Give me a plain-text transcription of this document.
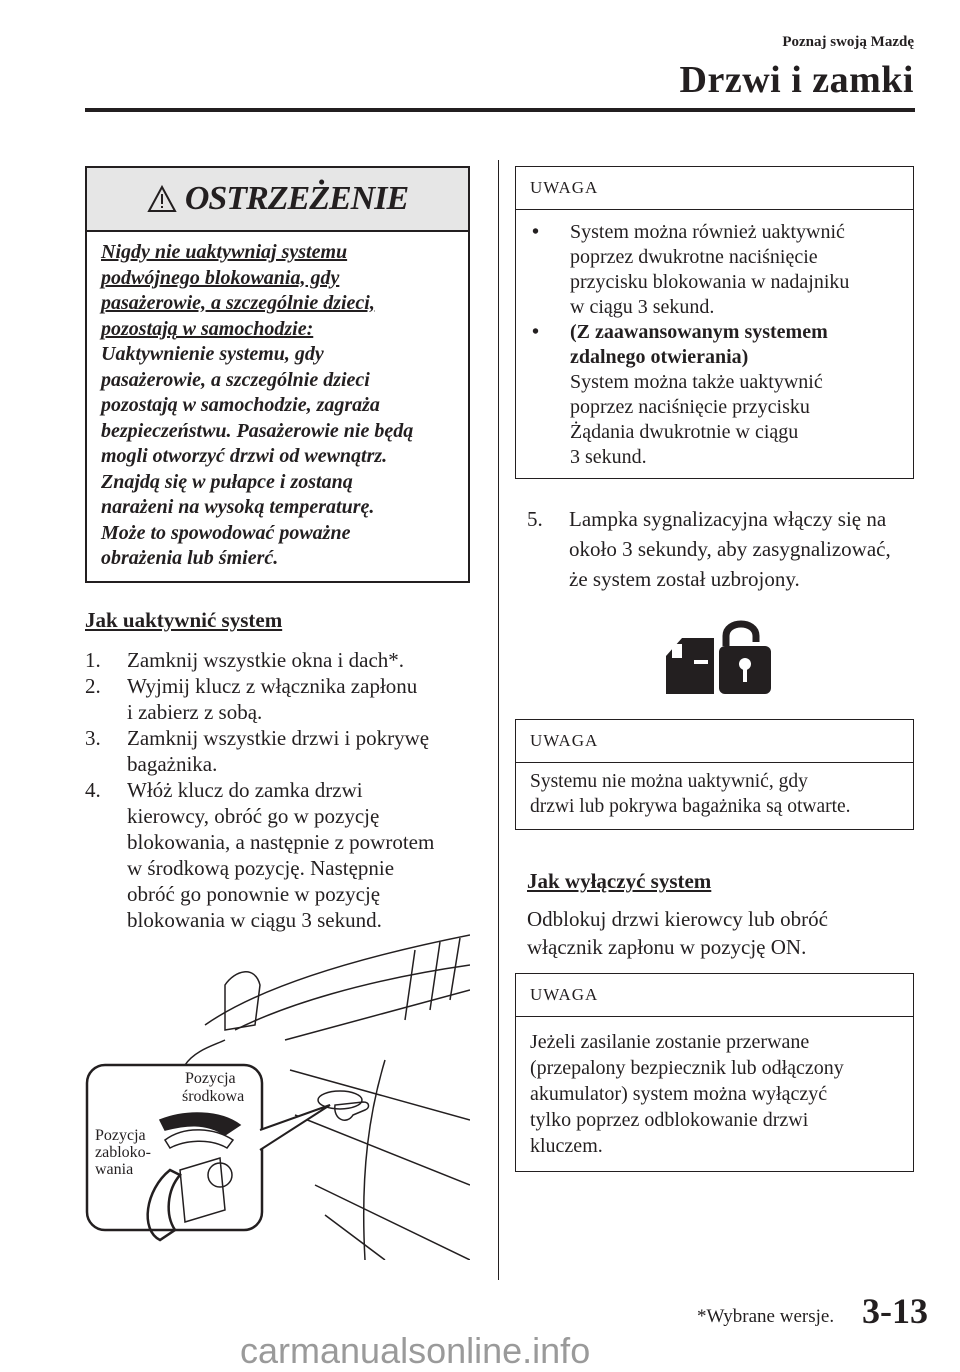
Poznaj swoją Mazdę
Drzwi i zamki
OSTRZEŻENIE
Nigdy nie uaktywniaj systemu
podwójnego blokowania, gdy
pasażerowie, a szczególnie dzieci,
pozostają w samochodzie:
Uaktywnienie systemu, gdy
pasażerowie, a szczególnie dzieci
pozostają w samochodzie, zagraża
bezpieczeństwu. Pasażerowie nie będą
mogli otworzyć drzwi od wewnątrz.
Znajdą się w pułapce i zostaną
narażeni na wysoką temperaturę.
Może to spowodować poważne
obrażenia lub śmierć.
Jak uaktywnić system
1. Zamknij wszystkie okna i dach*.
2. Wyjmij klucz z włącznika zapłonu
i zabierz z sobą.
3. Zamknij wszystkie drzwi i pokrywę
bagażnika.
4. Włóż klucz do zamka drzwi
kierowcy, obróć go w pozycję
blokowania, a następnie z powrotem
w środkową pozycję. Następnie
obróć go ponownie w pozycję
blokowania w ciągu 3 sekund.
Pozycja środkowa Pozycja zabloko- wania
UWAGA
• System można również uaktywnić
poprzez dwukrotne naciśnięcie
przycisku blokowania w nadajniku
w ciągu 3 sekund.
• (Z zaawansowanym systemem
zdalnego otwierania)
System można także uaktywnić
poprzez naciśnięcie przycisku
Żądania dwukrotnie w ciągu
3 sekund.
5. Lampka sygnalizacyjna włączy się na
około 3 sekundy, aby zasygnalizować,
że system został uzbrojony.
UWAGA
Systemu nie można uaktywnić, gdy
drzwi lub pokrywa bagażnika są otwarte.
Jak wyłączyć system
Odblokuj drzwi kierowcy lub obróć
włącznik zapłonu w pozycję ON.
UWAGA
Jeżeli zasilanie zostanie przerwane
(przepalony bezpiecznik lub odłączony
akumulator) system można wyłączyć
tylko poprzez odblokowanie drzwi
kluczem.
*Wybrane wersje. 3-13
carmanualsonline.info
